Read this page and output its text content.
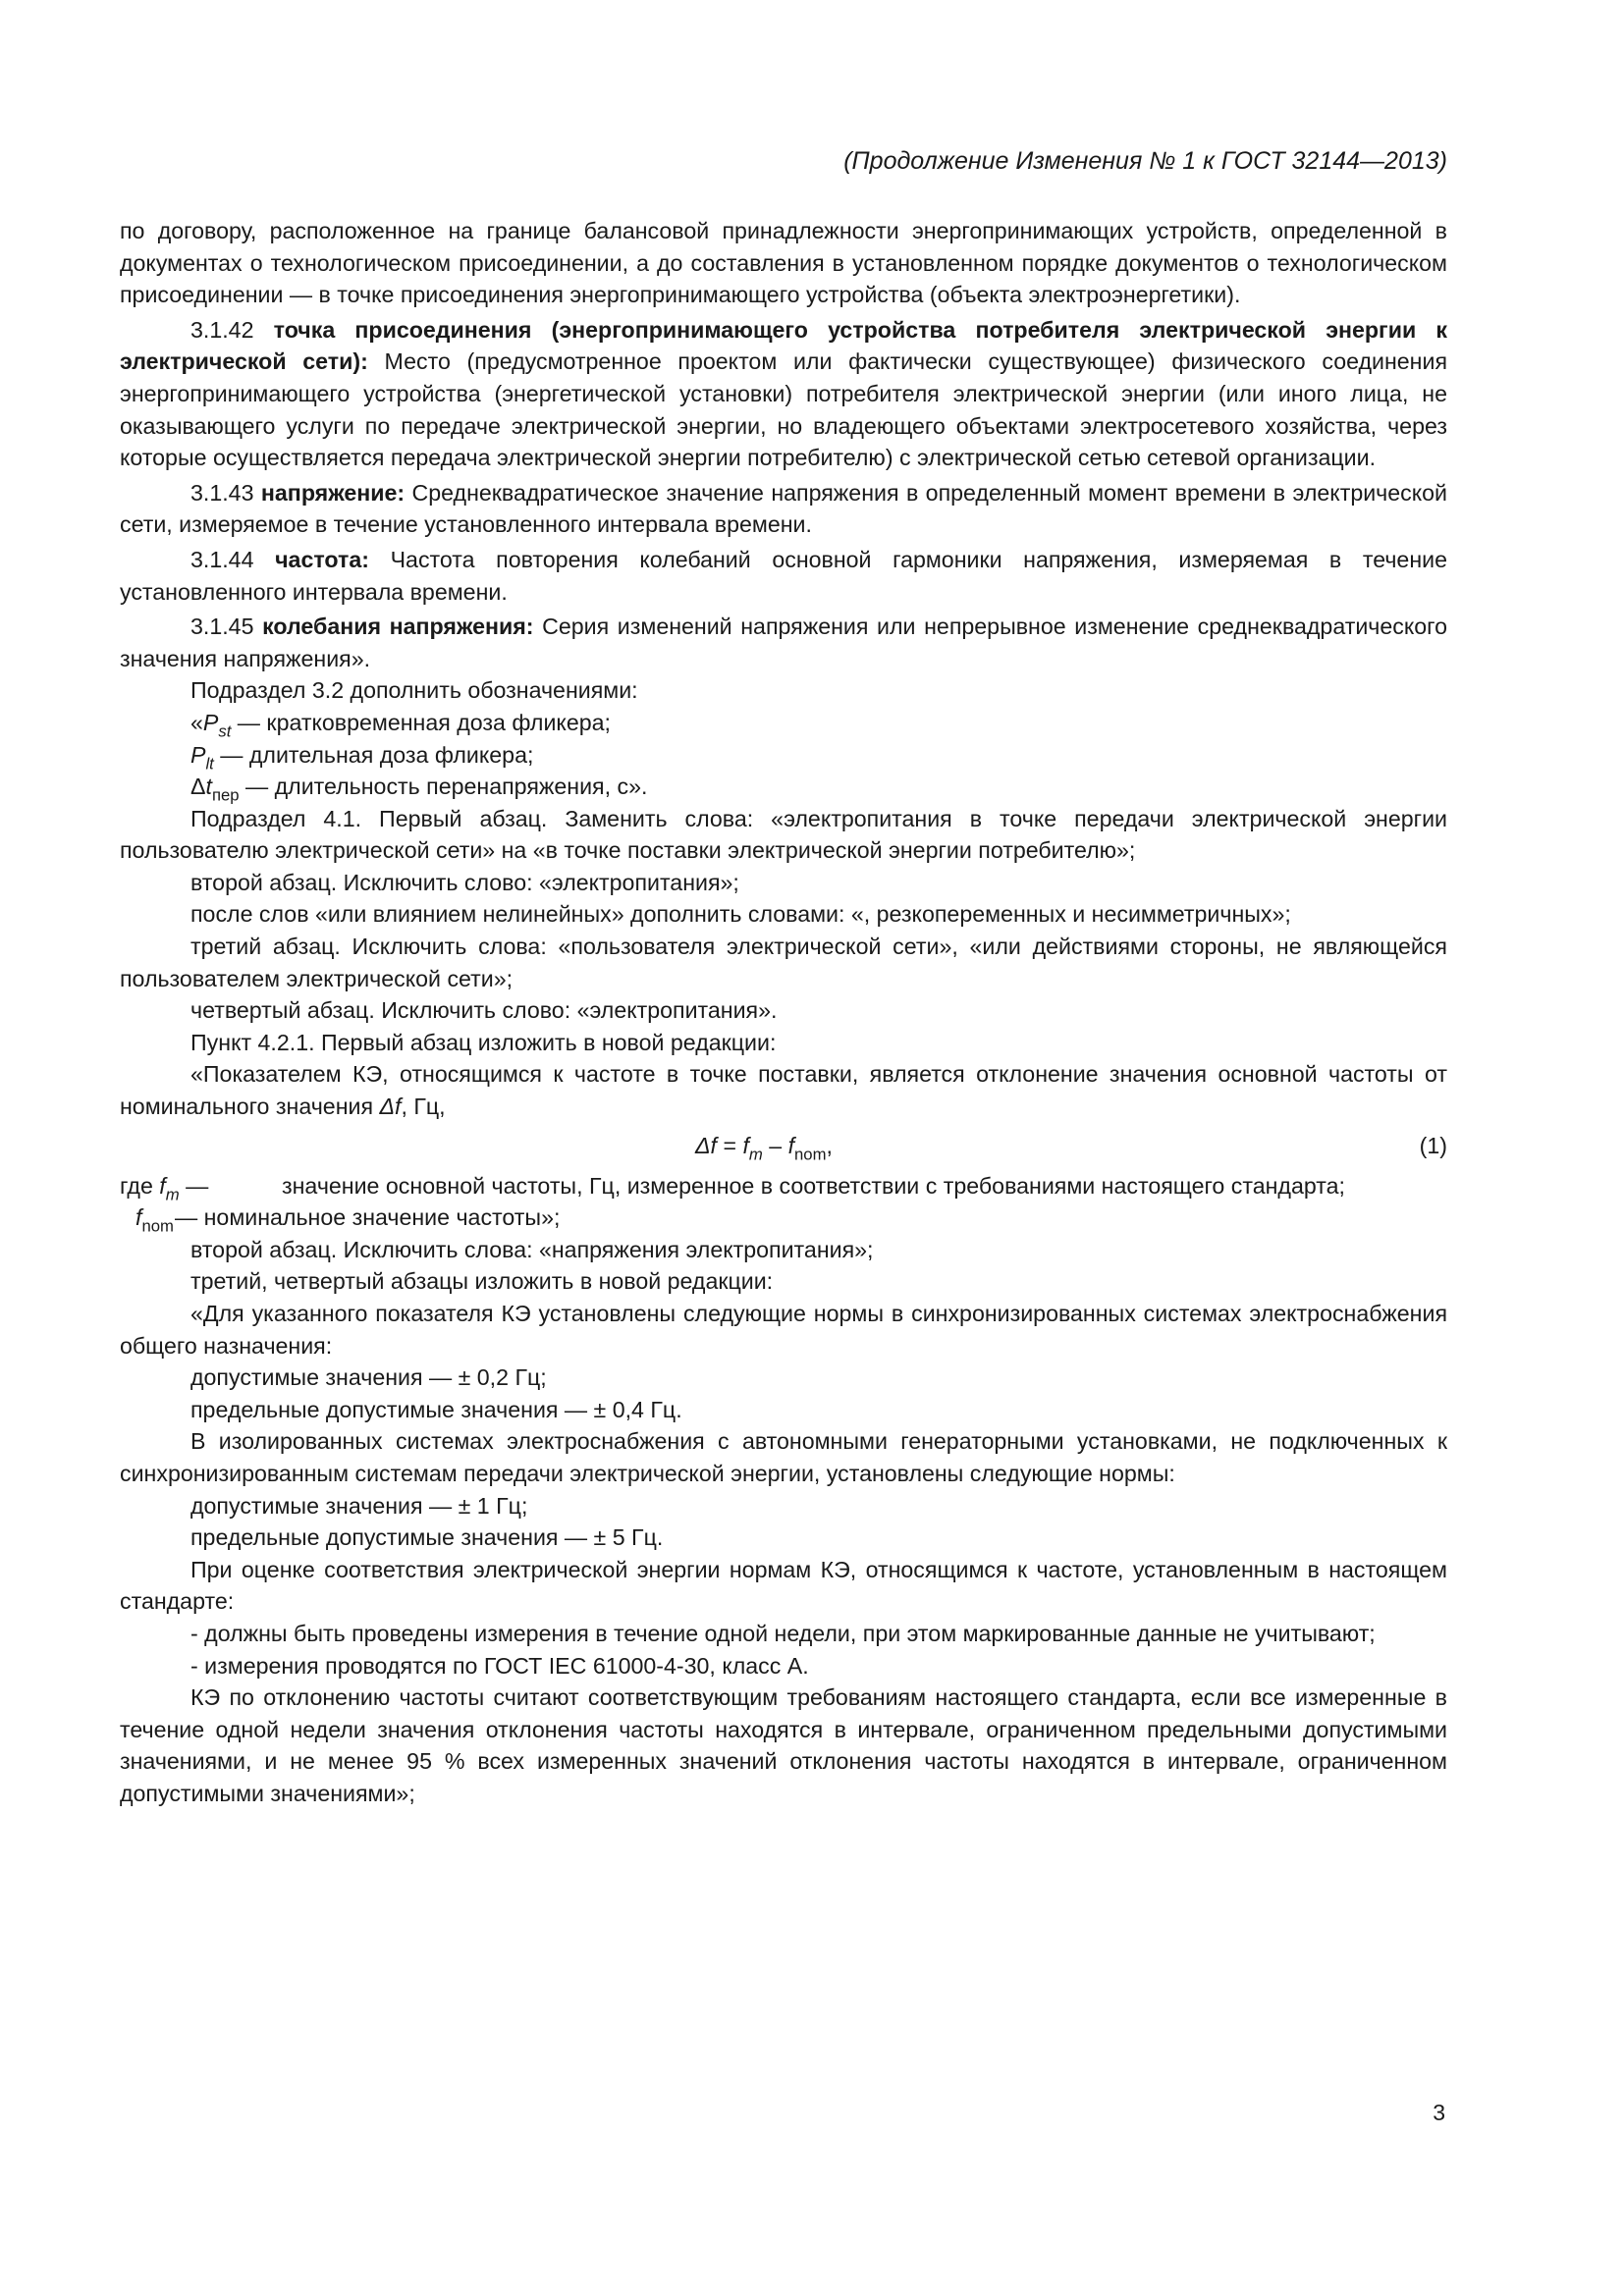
(Продолжение Изменения № 1 к ГОСТ 32144—2013)

по договору, расположенное на границе балансовой принадлежности энергопринимающих устройств, определенной в документах о технологическом присоединении, а до составления в установленном порядке документов о технологическом присоединении — в точке присоединения энергопринимающего устройства (объекта электроэнергетики).

3.1.42 точка присоединения (энергопринимающего устройства потребителя электрической энергии к электрической сети): Место (предусмотренное проектом или фактически существующее) физического соединения энергопринимающего устройства (энергетической установки) потребителя электрической энергии (или иного лица, не оказывающего услуги по передаче электрической энергии, но владеющего объектами электросетевого хозяйства, через которые осуществляется передача электрической энергии потребителю) с электрической сетью сетевой организации.

3.1.43 напряжение: Среднеквадратическое значение напряжения в определенный момент времени в электрической сети, измеряемое в течение установленного интервала времени.

3.1.44 частота: Частота повторения колебаний основной гармоники напряжения, измеряемая в течение установленного интервала времени.

3.1.45 колебания напряжения: Серия изменений напряжения или непрерывное изменение среднеквадратического значения напряжения».

Подраздел 3.2 дополнить обозначениями:

«$P_{st}$ — кратковременная доза фликера;

$P_{lt}$ — длительная доза фликера;

$\Delta t_{пер}$ — длительность перенапряжения, с».

Подраздел 4.1. Первый абзац. Заменить слова: «электропитания в точке передачи электрической энергии пользователю электрической сети» на «в точке поставки электрической энергии потребителю»;

второй абзац. Исключить слово: «электропитания»;

после слов «или влиянием нелинейных» дополнить словами: «, резкопеременных и несимметричных»;

третий абзац. Исключить слова: «пользователя электрической сети», «или действиями стороны, не являющейся пользователем электрической сети»;

четвертый абзац. Исключить слово: «электропитания».

Пункт 4.2.1. Первый абзац изложить в новой редакции:

«Показателем КЭ, относящимся к частоте в точке поставки, является отклонение значения основной частоты от номинального значения Δf, Гц,

$\Delta f = f_m - f_{nom}$,	(1)
где $f_m$ —	значение основной частоты, Гц, измеренное в соответствии с требованиями настоящего стандарта;
$f_{nom}$ — номинальное значение частоты»;

второй абзац. Исключить слова: «напряжения электропитания»;

третий, четвертый абзацы изложить в новой редакции:

«Для указанного показателя КЭ установлены следующие нормы в синхронизированных системах электроснабжения общего назначения:

допустимые значения — ± 0,2 Гц;

предельные допустимые значения — ± 0,4 Гц.

В изолированных системах электроснабжения с автономными генераторными установками, не подключенных к синхронизированным системам передачи электрической энергии, установлены следующие нормы:

допустимые значения — ± 1 Гц;

предельные допустимые значения — ± 5 Гц.

При оценке соответствия электрической энергии нормам КЭ, относящимся к частоте, установленным в настоящем стандарте:

- должны быть проведены измерения в течение одной недели, при этом маркированные данные не учитывают;

- измерения проводятся по ГОСТ IEC 61000-4-30, класс А.

КЭ по отклонению частоты считают соответствующим требованиям настоящего стандарта, если все измеренные в течение одной недели значения отклонения частоты находятся в интервале, ограниченном предельными допустимыми значениями, и не менее 95 % всех измеренных значений отклонения частоты находятся в интервале, ограниченном допустимыми значениями»;

3
